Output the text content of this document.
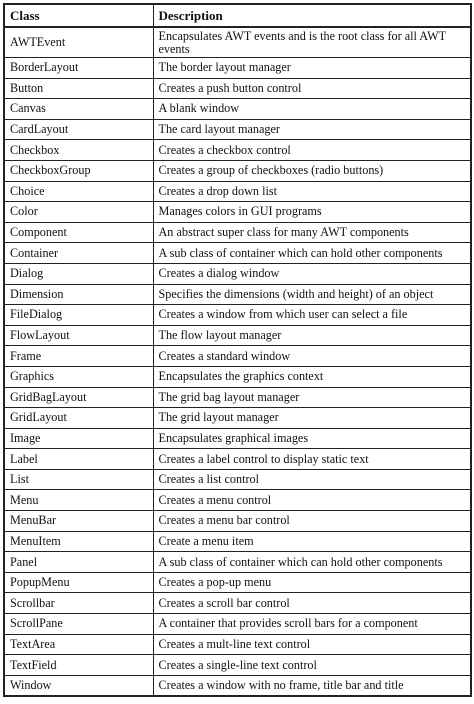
Class	Description
AWTEvent	Encapsulates AWT events and is the root class for all AWT events
BorderLayout	The border layout manager
Button	Creates a push button control
Canvas	A blank window
CardLayout	The card layout manager
Checkbox	Creates a checkbox control
CheckboxGroup	Creates a group of checkboxes (radio buttons)
Choice	Creates a drop down list
Color	Manages colors in GUI programs
Component	An abstract super class for many AWT components
Container	A sub class of container which can hold other components
Dialog	Creates a dialog window
Dimension	Specifies the dimensions (width and height) of an object
FileDialog	Creates a window from which user can select a file
FlowLayout	The flow layout manager
Frame	Creates a standard window
Graphics	Encapsulates the graphics context
GridBagLayout	The grid bag layout manager
GridLayout	The grid layout manager
Image	Encapsulates graphical images
Label	Creates a label control to display static text
List	Creates a list control
Menu	Creates a menu control
MenuBar	Creates a menu bar control
MenuItem	Create a menu item
Panel	A sub class of container which can hold other components
PopupMenu	Creates a pop-up menu
Scrollbar	Creates a scroll bar control
ScrollPane	A container that provides scroll bars for a component
TextArea	Creates a mult-line text control
TextField	Creates a single-line text control
Window	Creates a window with no frame, title bar and title
